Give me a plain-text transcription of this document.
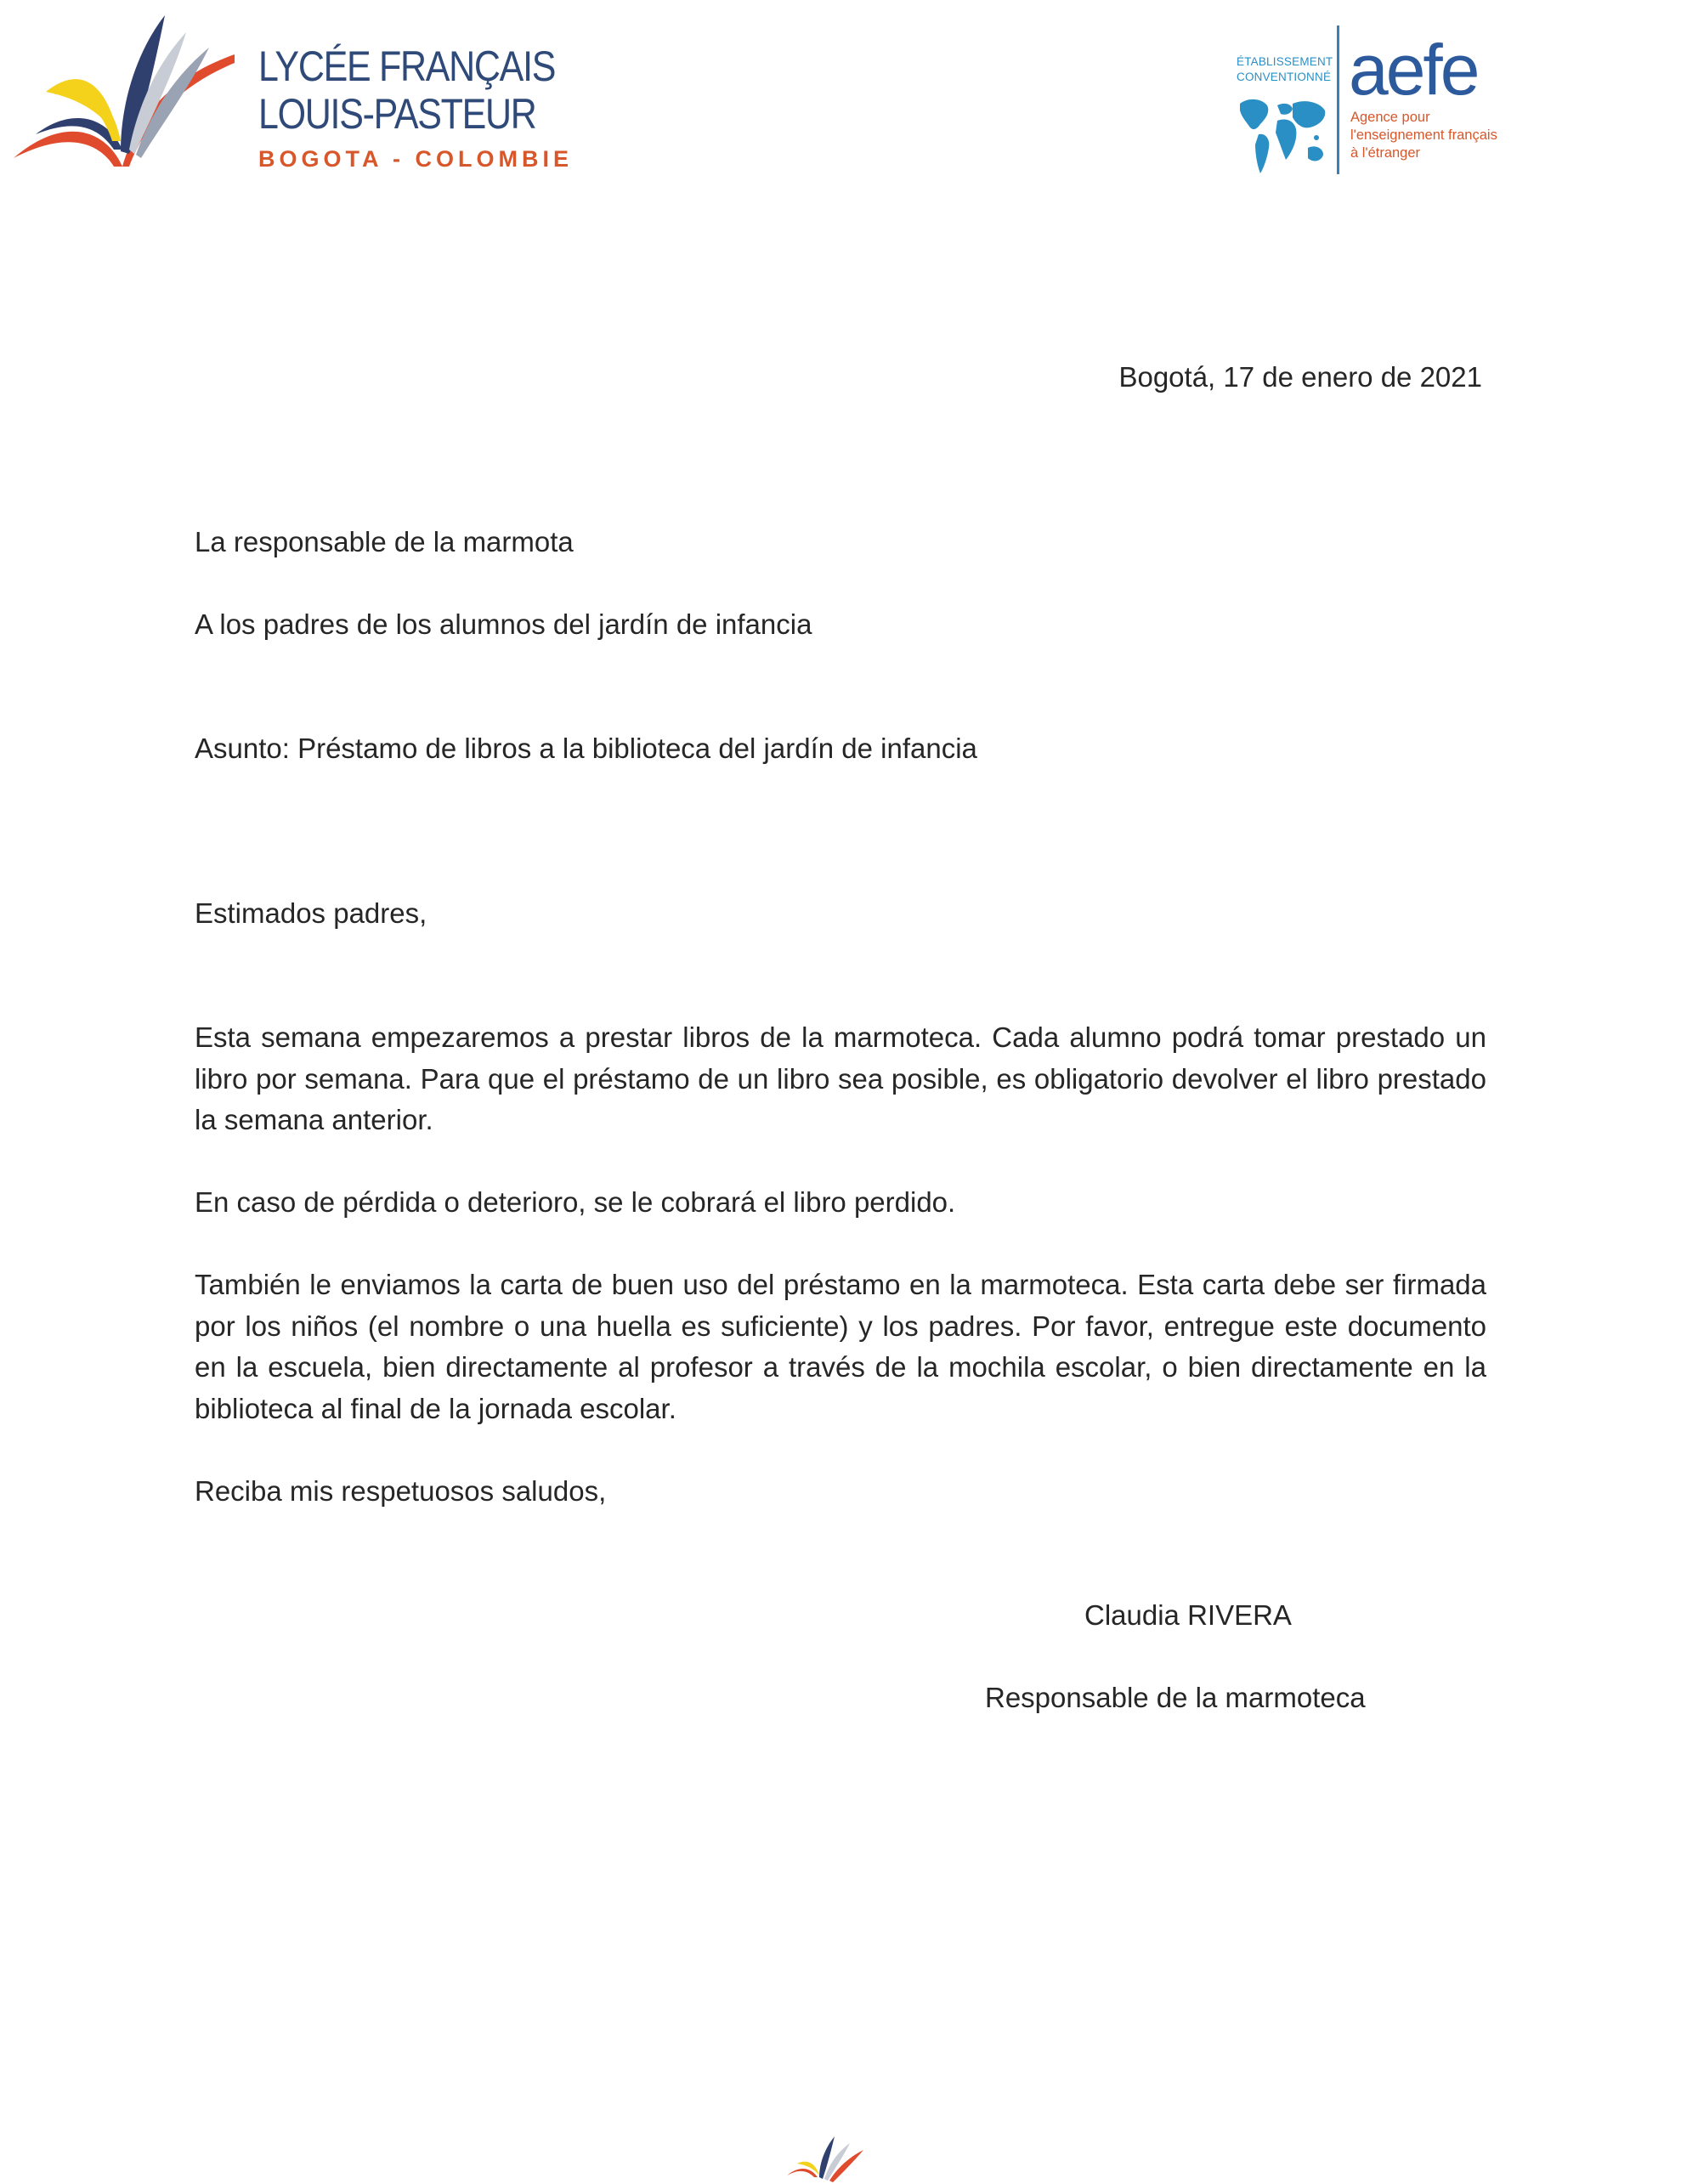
LYCÉE FRANÇAIS
LOUIS-PASTEUR
BOGOTA - COLOMBIE
ÉTABLISSEMENT
CONVENTIONNÉ aefe
Agence pour
l'enseignement français
à l'étranger
Bogotá, 17 de enero de 2021
La responsable de la marmota
A los padres de los alumnos del jardín de infancia
Asunto: Préstamo de libros a la biblioteca del jardín de infancia
Estimados padres,

Esta semana empezaremos a prestar libros de la marmoteca. Cada alumno podrá tomar prestado un libro por semana. Para que el préstamo de un libro sea posible, es obligatorio devolver el libro prestado la semana anterior.

En caso de pérdida o deterioro, se le cobrará el libro perdido.

También le enviamos la carta de buen uso del préstamo en la marmoteca. Esta carta debe ser firmada por los niños (el nombre o una huella es suficiente) y los padres. Por favor, entregue este documento en la escuela, bien directamente al profesor a través de la mochila escolar, o bien directamente en la biblioteca al final de la jornada escolar.

Reciba mis respetuosos saludos,
Claudia RIVERA
Responsable de la marmoteca
